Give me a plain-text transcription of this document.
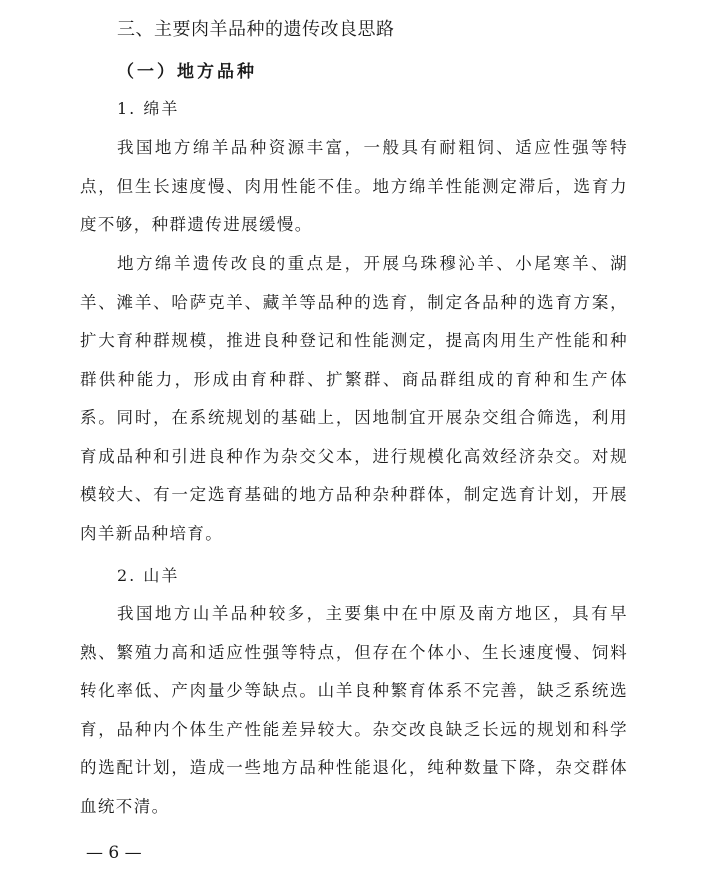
三、主要肉羊品种的遗传改良思路
（一）地方品种
1. 绵羊

我国地方绵羊品种资源丰富，一般具有耐粗饲、适应性强等特点，但生长速度慢、肉用性能不佳。地方绵羊性能测定滞后，选育力度不够，种群遗传进展缓慢。

地方绵羊遗传改良的重点是，开展乌珠穆沁羊、小尾寒羊、湖羊、滩羊、哈萨克羊、藏羊等品种的选育，制定各品种的选育方案，扩大育种群规模，推进良种登记和性能测定，提高肉用生产性能和种群供种能力，形成由育种群、扩繁群、商品群组成的育种和生产体系。同时，在系统规划的基础上，因地制宜开展杂交组合筛选，利用育成品种和引进良种作为杂交父本，进行规模化高效经济杂交。对规模较大、有一定选育基础的地方品种杂种群体，制定选育计划，开展肉羊新品种培育。

2. 山羊

我国地方山羊品种较多，主要集中在中原及南方地区，具有早熟、繁殖力高和适应性强等特点，但存在个体小、生长速度慢、饲料转化率低、产肉量少等缺点。山羊良种繁育体系不完善，缺乏系统选育，品种内个体生产性能差异较大。杂交改良缺乏长远的规划和科学的选配计划，造成一些地方品种性能退化，纯种数量下降，杂交群体血统不清。

— 6 —
